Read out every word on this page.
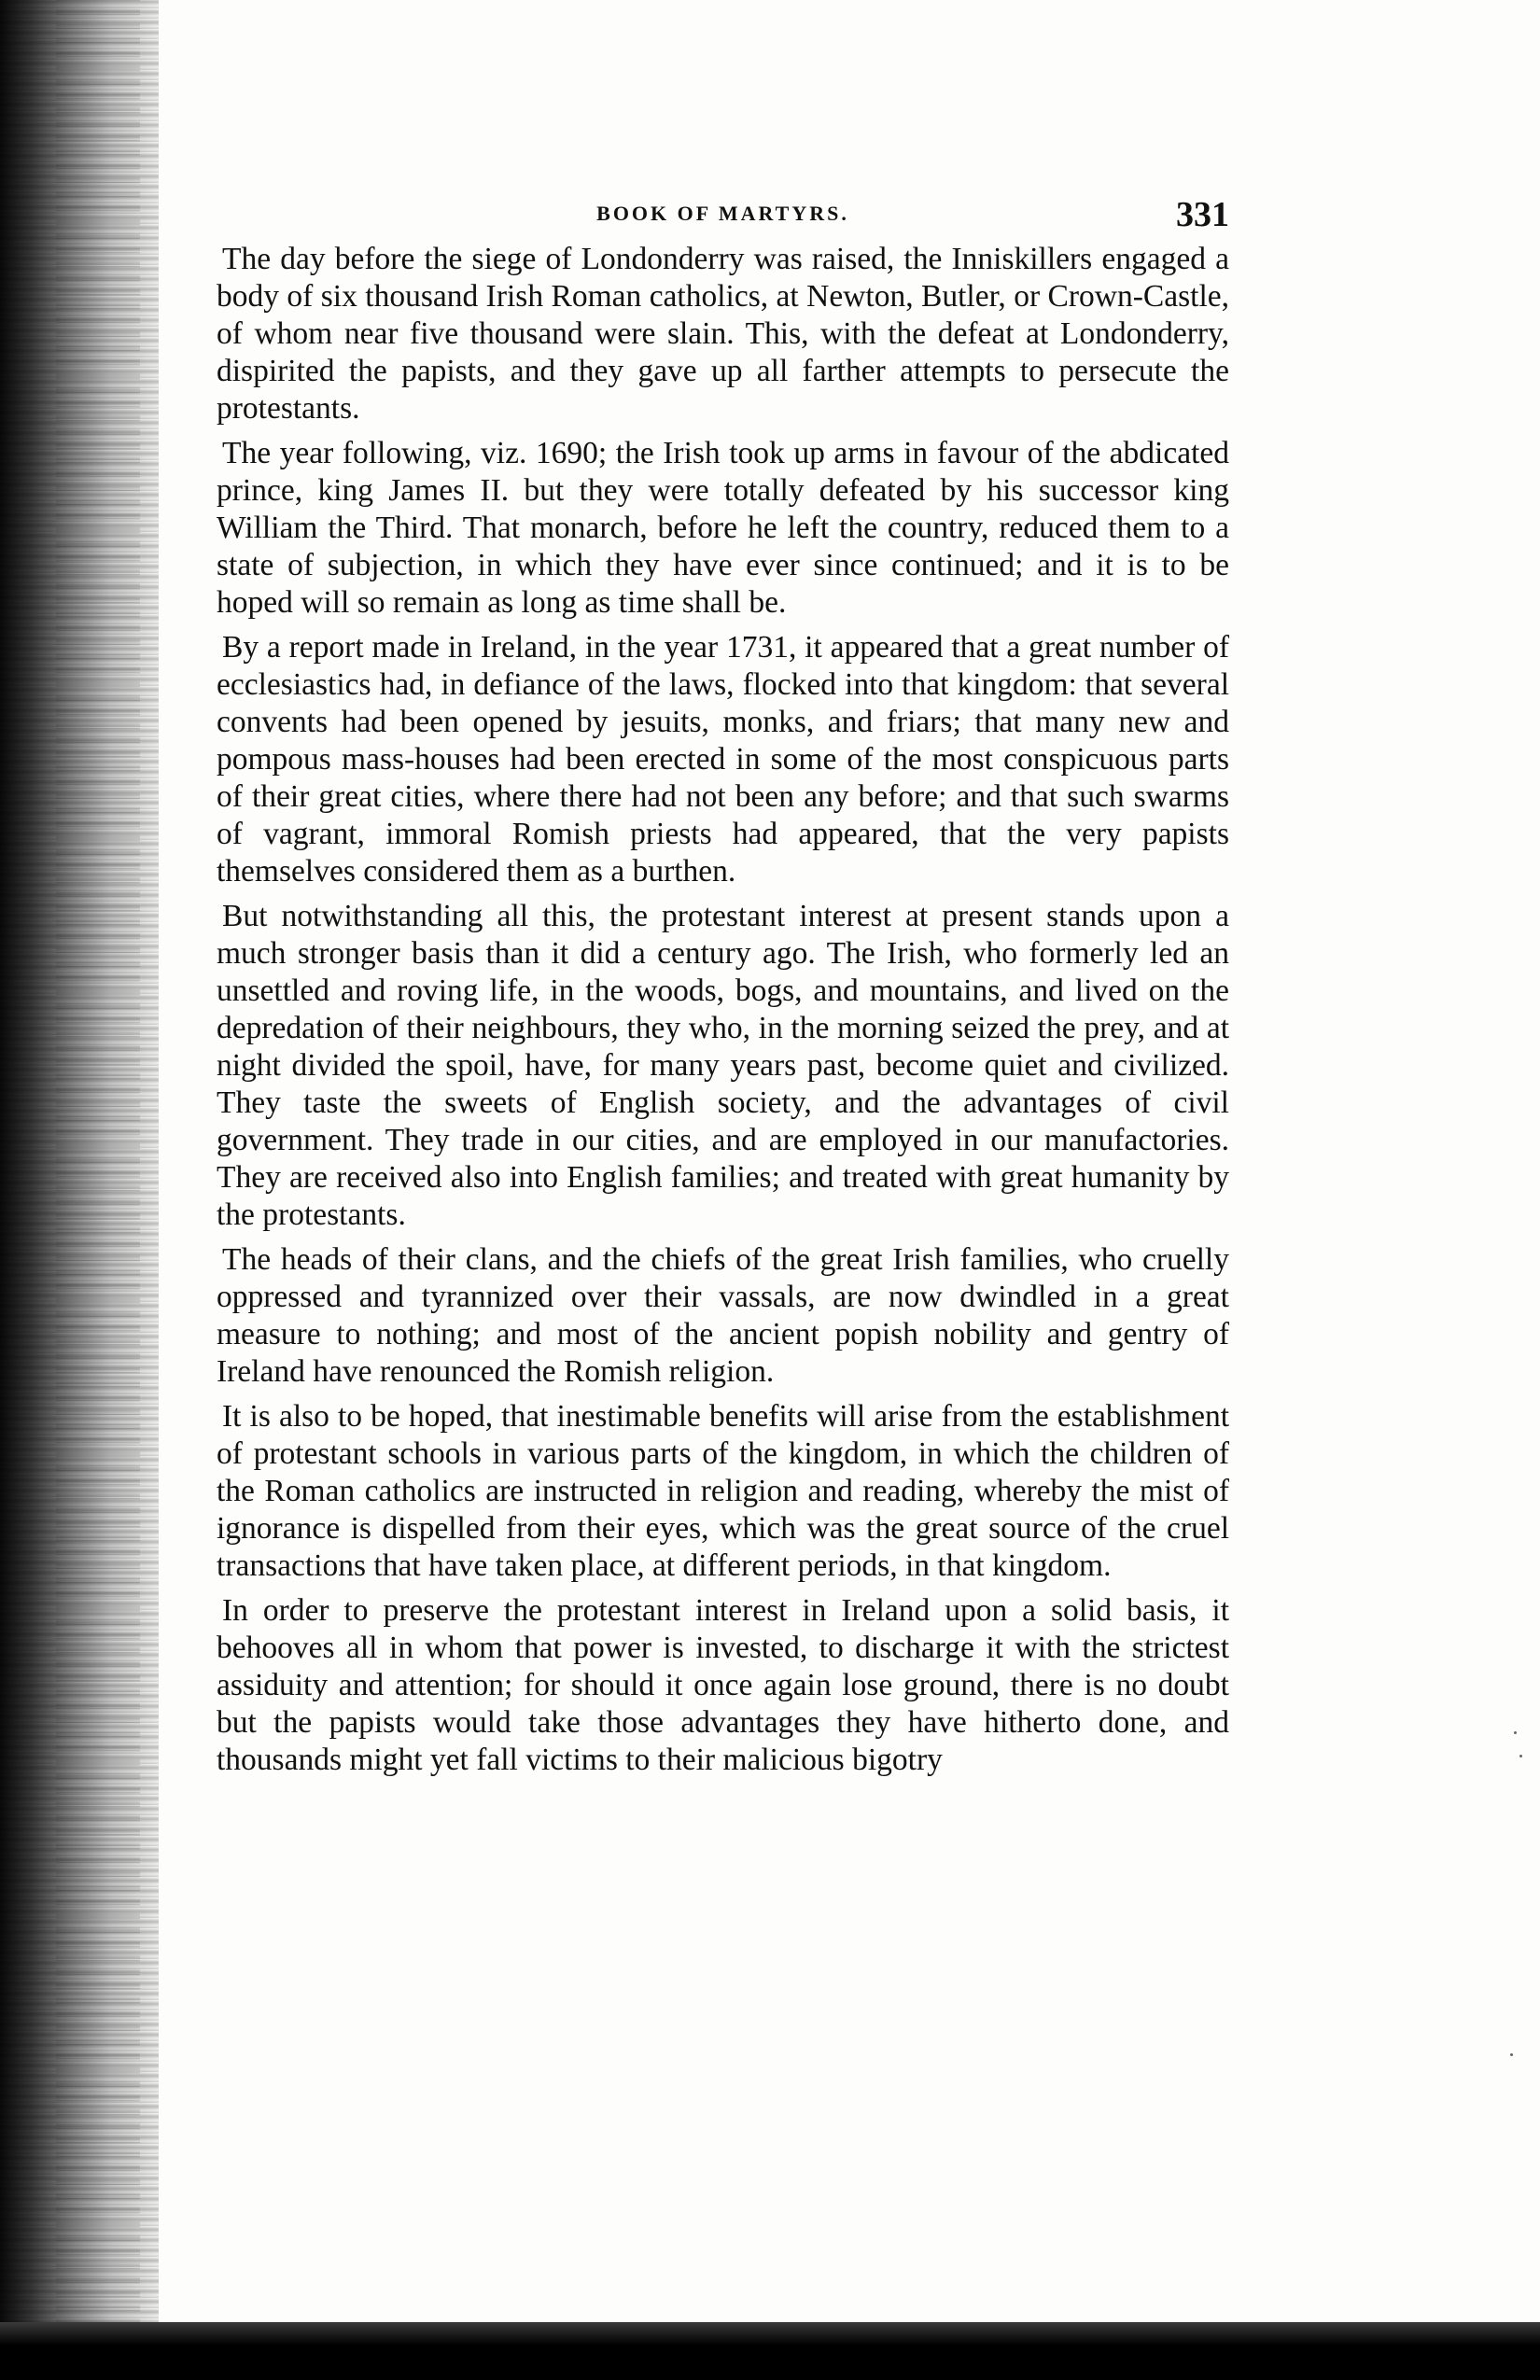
BOOK OF MARTYRS.	331

The day before the siege of Londonderry was raised, the Inniskillers engaged a body of six thousand Irish Roman catholics, at Newton, Butler, or Crown-Castle, of whom near five thousand were slain. This, with the defeat at Londonderry, dispirited the papists, and they gave up all farther attempts to persecute the protestants.

The year following, viz. 1690; the Irish took up arms in favour of the abdicated prince, king James II. but they were totally defeated by his successor king William the Third. That monarch, before he left the country, reduced them to a state of subjection, in which they have ever since continued; and it is to be hoped will so remain as long as time shall be.

By a report made in Ireland, in the year 1731, it appeared that a great number of ecclesiastics had, in defiance of the laws, flocked into that kingdom: that several convents had been opened by jesuits, monks, and friars; that many new and pompous mass-houses had been erected in some of the most conspicuous parts of their great cities, where there had not been any before; and that such swarms of vagrant, immoral Romish priests had appeared, that the very papists themselves considered them as a burthen.

But notwithstanding all this, the protestant interest at present stands upon a much stronger basis than it did a century ago. The Irish, who formerly led an unsettled and roving life, in the woods, bogs, and mountains, and lived on the depredation of their neighbours, they who, in the morning seized the prey, and at night divided the spoil, have, for many years past, become quiet and civilized. They taste the sweets of English society, and the advantages of civil government. They trade in our cities, and are employed in our manufactories. They are received also into English families; and treated with great humanity by the protestants.

The heads of their clans, and the chiefs of the great Irish families, who cruelly oppressed and tyrannized over their vassals, are now dwindled in a great measure to nothing; and most of the ancient popish nobility and gentry of Ireland have renounced the Romish religion.

It is also to be hoped, that inestimable benefits will arise from the establishment of protestant schools in various parts of the kingdom, in which the children of the Roman catholics are instructed in religion and reading, whereby the mist of ignorance is dispelled from their eyes, which was the great source of the cruel transactions that have taken place, at different periods, in that kingdom.

In order to preserve the protestant interest in Ireland upon a solid basis, it behooves all in whom that power is invested, to discharge it with the strictest assiduity and attention; for should it once again lose ground, there is no doubt but the papists would take those advantages they have hitherto done, and thousands might yet fall victims to their malicious bigotry
